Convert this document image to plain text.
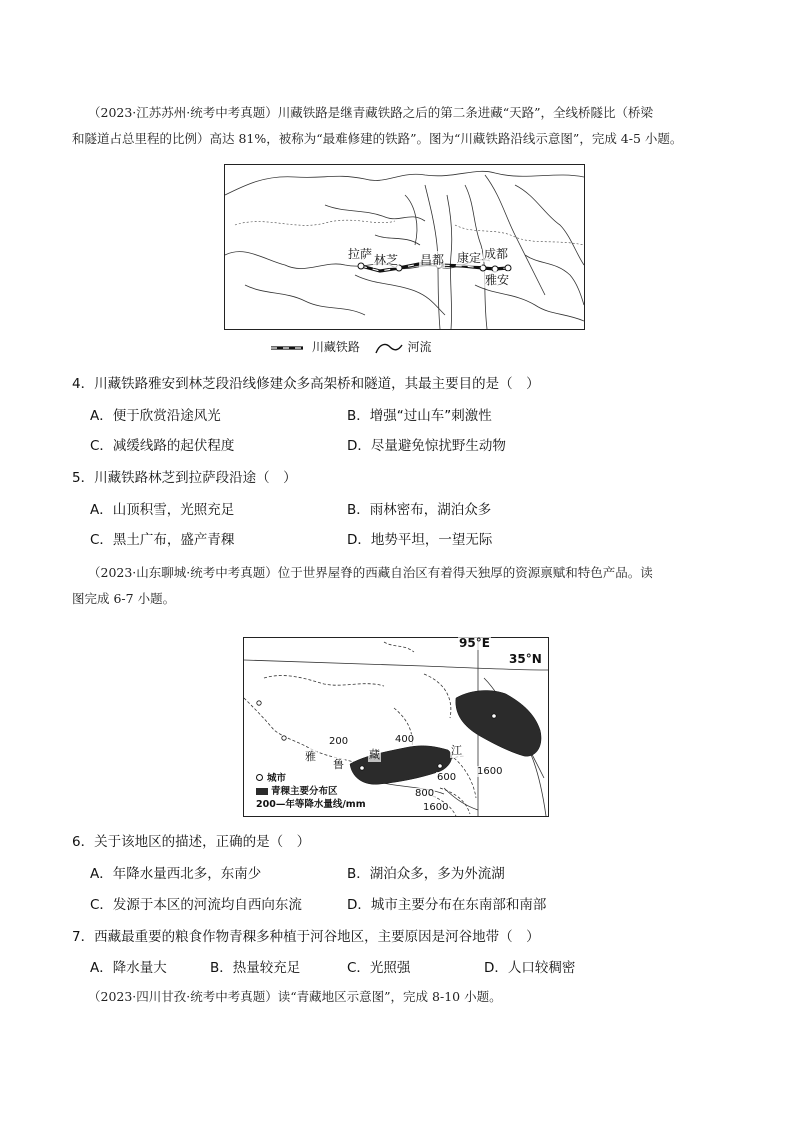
（2023·江苏苏州·统考中考真题）川藏铁路是继青藏铁路之后的第二条进藏“天路”，全线桥隧比（桥梁
和隧道占总里程的比例）高达 81%，被称为“最难修建的铁路”。图为“川藏铁路沿线示意图”，完成 4-5 小题。
拉萨 林芝 昌都 康定 成都
雅安
川藏铁路	河流
4．川藏铁路雅安到林芝段沿线修建众多高架桥和隧道，其最主要目的是（　）
A．便于欣赏沿途风光	B．增强“过山车”刺激性
C．减缓线路的起伏程度	D．尽量避免惊扰野生动物
5．川藏铁路林芝到拉萨段沿途（　）
A．山顶积雪，光照充足	B．雨林密布，湖泊众多
C．黑土广布，盛产青稞	D．地势平坦，一望无际
（2023·山东聊城·统考中考真题）位于世界屋脊的西藏自治区有着得天独厚的资源禀赋和特色产品。读
图完成 6-7 小题。
95°E
35°N
200	400
1600
600
800
1600
雅
鲁
藏	江
城市
青稞主要分布区
200—年等降水量线/mm
6．关于该地区的描述，正确的是（　）
A．年降水量西北多，东南少	B．湖泊众多，多为外流湖
C．发源于本区的河流均自西向东流	D．城市主要分布在东南部和南部
7．西藏最重要的粮食作物青稞多种植于河谷地区，主要原因是河谷地带（　）
A．降水量大	B．热量较充足	C．光照强	D．人口较稠密
（2023·四川甘孜·统考中考真题）读“青藏地区示意图”，完成 8-10 小题。
